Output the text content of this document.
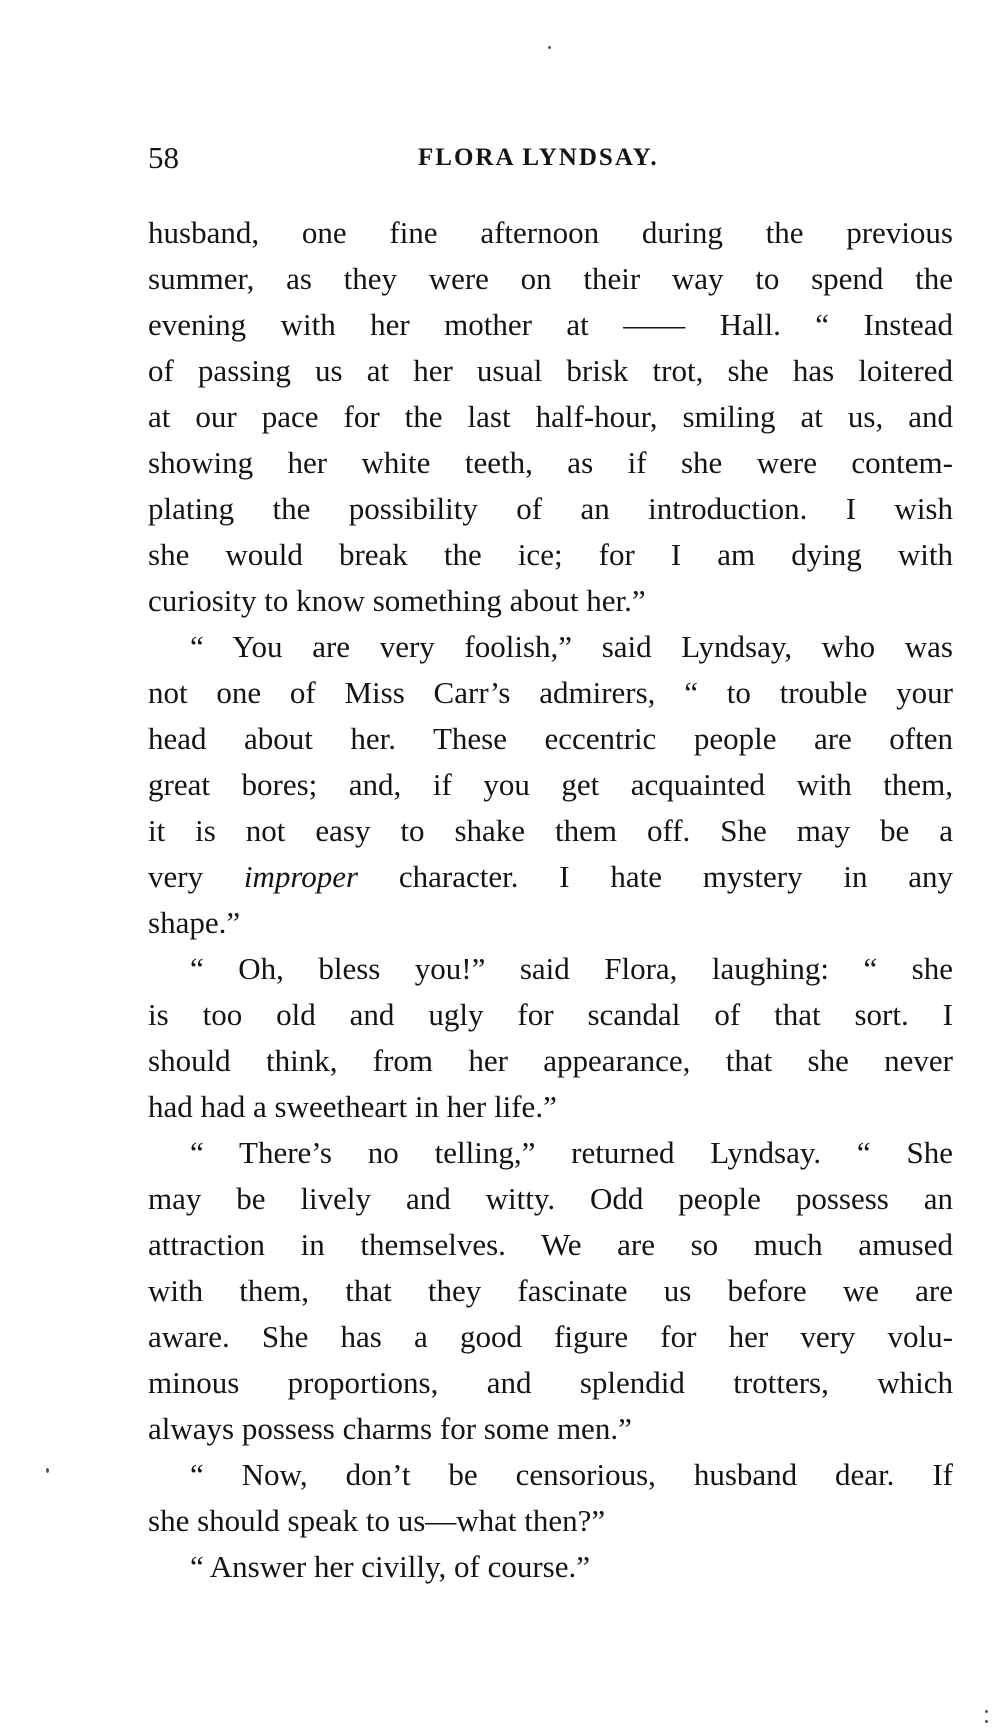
58	FLORA LYNDSAY.
husband, one fine afternoon during the previous
summer, as they were on their way to spend the
evening with her mother at —— Hall. “ Instead
of passing us at her usual brisk trot, she has loitered
at our pace for the last half-hour, smiling at us, and
showing her white teeth, as if she were contem-
plating the possibility of an introduction. I wish
she would break the ice; for I am dying with
curiosity to know something about her.”
“ You are very foolish,” said Lyndsay, who was
not one of Miss Carr’s admirers, “ to trouble your
head about her. These eccentric people are often
great bores; and, if you get acquainted with them,
it is not easy to shake them off. She may be a
very improper character. I hate mystery in any
shape.”
“ Oh, bless you!” said Flora, laughing: “ she
is too old and ugly for scandal of that sort. I
should think, from her appearance, that she never
had had a sweetheart in her life.”
“ There’s no telling,” returned Lyndsay. “ She
may be lively and witty. Odd people possess an
attraction in themselves. We are so much amused
with them, that they fascinate us before we are
aware. She has a good figure for her very volu-
minous proportions, and splendid trotters, which
always possess charms for some men.”
“ Now, don’t be censorious, husband dear. If
she should speak to us—what then?”
“ Answer her civilly, of course.”
